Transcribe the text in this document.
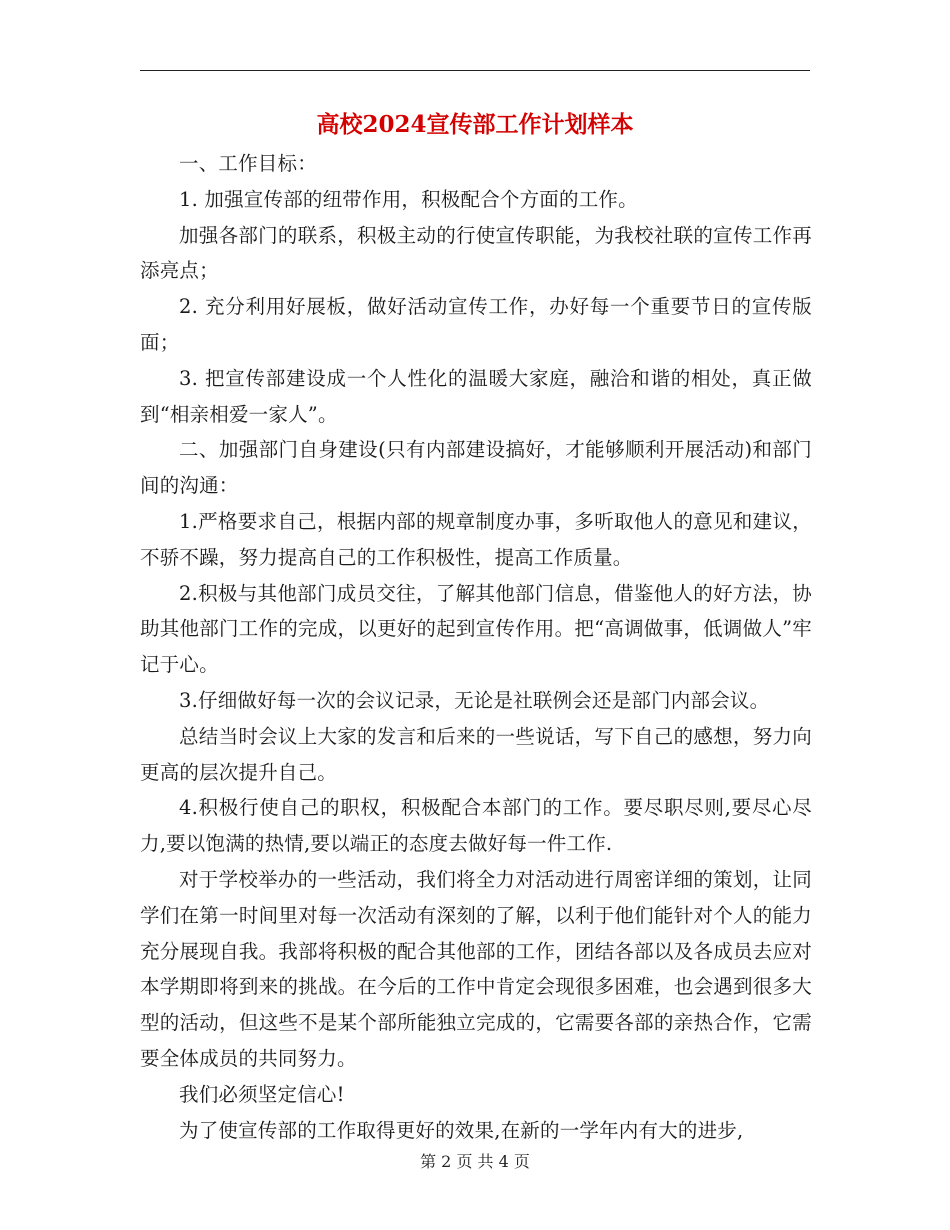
高校2024宣传部工作计划样本

一、工作目标：

1. 加强宣传部的纽带作用，积极配合个方面的工作。

加强各部门的联系，积极主动的行使宣传职能，为我校社联的宣传工作再添亮点；

2. 充分利用好展板，做好活动宣传工作，办好每一个重要节日的宣传版面；

3. 把宣传部建设成一个人性化的温暖大家庭，融洽和谐的相处，真正做到“相亲相爱一家人”。

二、加强部门自身建设(只有内部建设搞好，才能够顺利开展活动)和部门间的沟通：

1.严格要求自己，根据内部的规章制度办事，多听取他人的意见和建议，不骄不躁，努力提高自己的工作积极性，提高工作质量。

2.积极与其他部门成员交往，了解其他部门信息，借鉴他人的好方法，协助其他部门工作的完成，以更好的起到宣传作用。把“高调做事，低调做人”牢记于心。

3.仔细做好每一次的会议记录，无论是社联例会还是部门内部会议。

总结当时会议上大家的发言和后来的一些说话，写下自己的感想，努力向更高的层次提升自己。

4.积极行使自己的职权，积极配合本部门的工作。要尽职尽则,要尽心尽力,要以饱满的热情,要以端正的态度去做好每一件工作.

对于学校举办的一些活动，我们将全力对活动进行周密详细的策划，让同学们在第一时间里对每一次活动有深刻的了解，以利于他们能针对个人的能力充分展现自我。我部将积极的配合其他部的工作，团结各部以及各成员去应对本学期即将到来的挑战。在今后的工作中肯定会现很多困难，也会遇到很多大型的活动，但这些不是某个部所能独立完成的，它需要各部的亲热合作，它需要全体成员的共同努力。

我们必须坚定信心!

为了使宣传部的工作取得更好的效果,在新的一学年内有大的进步,

第 2 页 共 4 页
